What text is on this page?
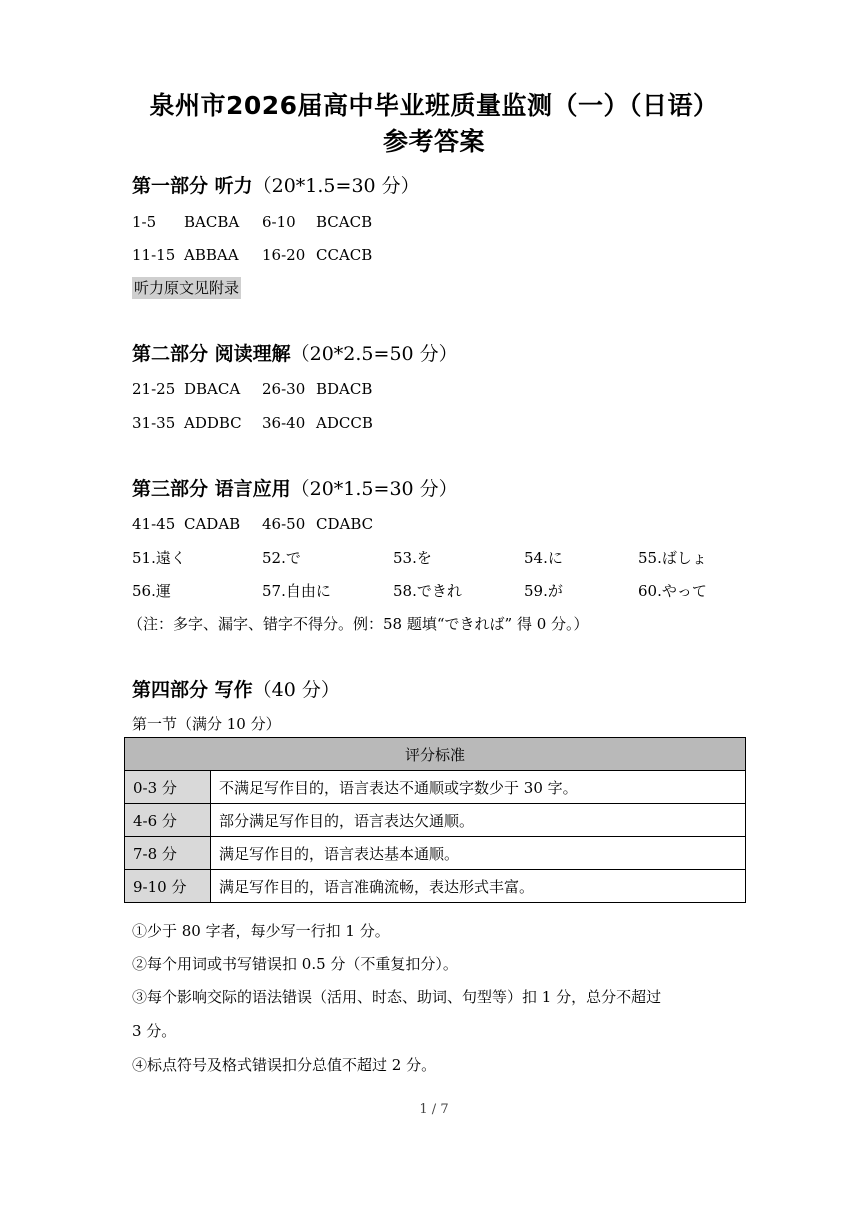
泉州市2026届高中毕业班质量监测（一）（日语）
参考答案
第一部分 听力（20*1.5=30 分）
1-5 BACBA 6-10 BCACB
11-15 ABBAA 16-20 CCACB
听力原文见附录
第二部分 阅读理解（20*2.5=50 分）
21-25 DBACA 26-30 BDACB
31-35 ADDBC 36-40 ADCCB
第三部分 语言应用（20*1.5=30 分）
41-45 CADAB 46-50 CDABC
51.遠く	52.で	53.を	54.に	55.ばしょ
56.運	57.自由に	58.できれ	59.が	60.やって
（注：多字、漏字、错字不得分。例：58 题填“できれば” 得 0 分。）
第四部分 写作（40 分）
第一节（满分 10 分）
评分标准	
0-3 分	不满足写作目的，语言表达不通顺或字数少于 30 字。
4-6 分	部分满足写作目的，语言表达欠通顺。
7-8 分	满足写作目的，语言表达基本通顺。
9-10 分	满足写作目的，语言准确流畅，表达形式丰富。
①少于 80 字者，每少写一行扣 1 分。
②每个用词或书写错误扣 0.5 分（不重复扣分）。
③每个影响交际的语法错误（活用、时态、助词、句型等）扣 1 分，总分不超过
3 分。
④标点符号及格式错误扣分总值不超过 2 分。
1 / 7
